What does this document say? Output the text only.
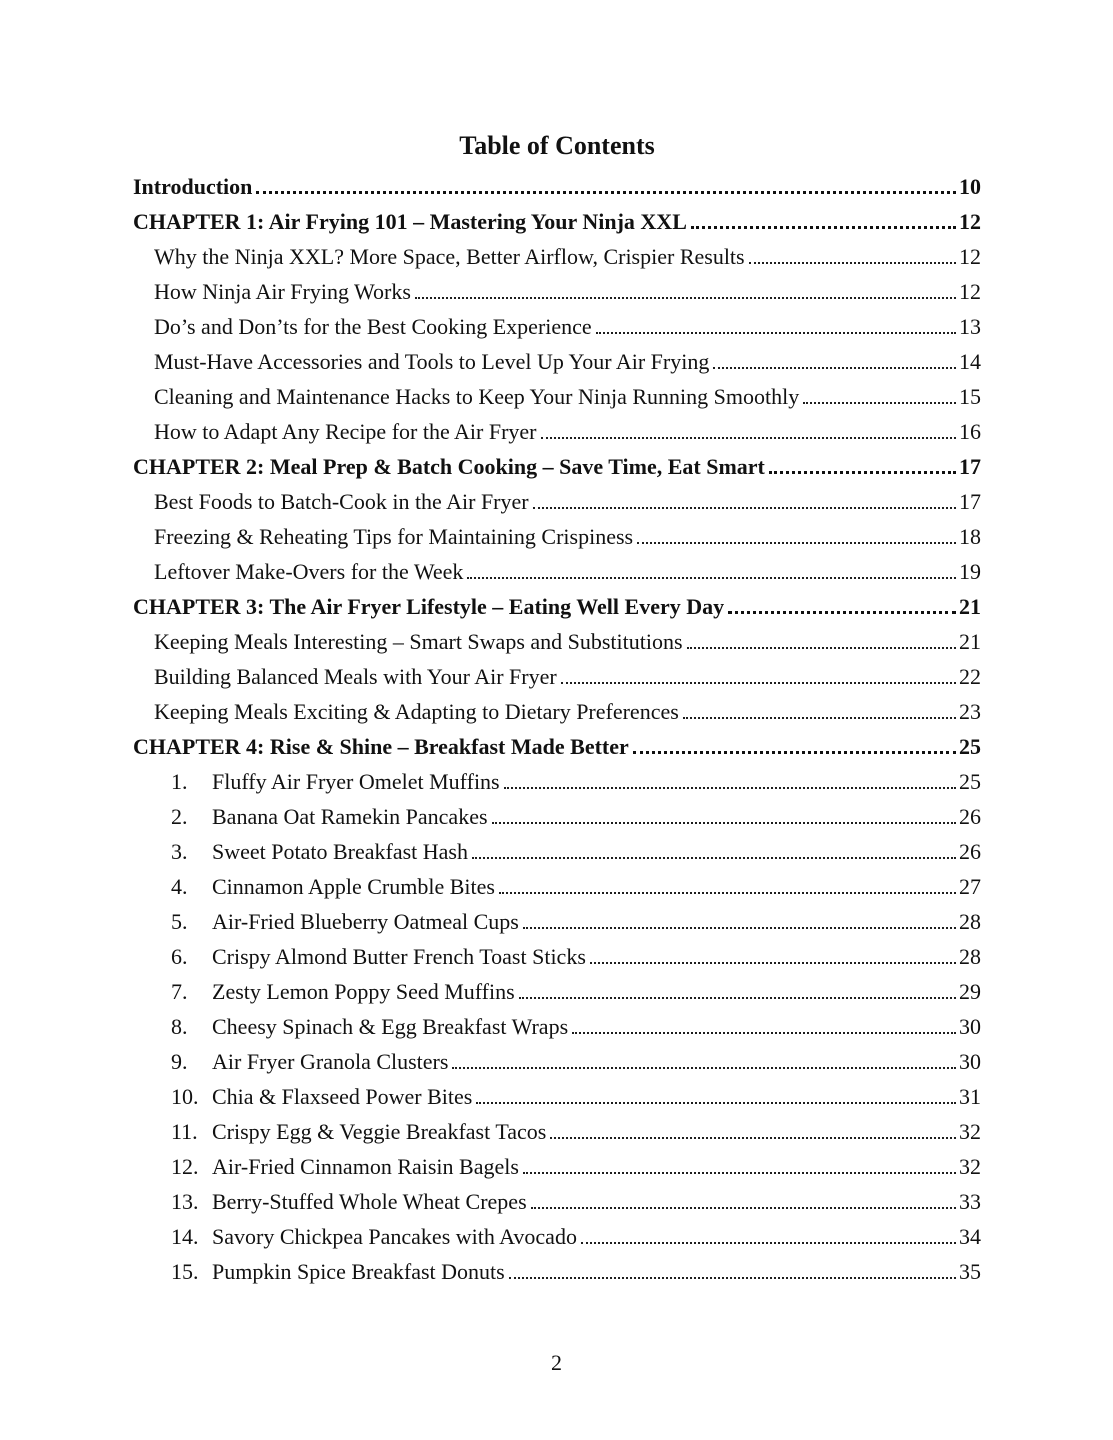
Table of Contents
Introduction	10
CHAPTER 1: Air Frying 101 – Mastering Your Ninja XXL	12
Why the Ninja XXL? More Space, Better Airflow, Crispier Results	12
How Ninja Air Frying Works	12
Do’s and Don’ts for the Best Cooking Experience	13
Must-Have Accessories and Tools to Level Up Your Air Frying	14
Cleaning and Maintenance Hacks to Keep Your Ninja Running Smoothly	15
How to Adapt Any Recipe for the Air Fryer	16
CHAPTER 2: Meal Prep & Batch Cooking – Save Time, Eat Smart	17
Best Foods to Batch-Cook in the Air Fryer	17
Freezing & Reheating Tips for Maintaining Crispiness	18
Leftover Make-Overs for the Week	19
CHAPTER 3: The Air Fryer Lifestyle – Eating Well Every Day	21
Keeping Meals Interesting – Smart Swaps and Substitutions	21
Building Balanced Meals with Your Air Fryer	22
Keeping Meals Exciting & Adapting to Dietary Preferences	23
CHAPTER 4: Rise & Shine – Breakfast Made Better	25
1.	Fluffy Air Fryer Omelet Muffins	25
2.	Banana Oat Ramekin Pancakes	26
3.	Sweet Potato Breakfast Hash	26
4.	Cinnamon Apple Crumble Bites	27
5.	Air-Fried Blueberry Oatmeal Cups	28
6.	Crispy Almond Butter French Toast Sticks	28
7.	Zesty Lemon Poppy Seed Muffins	29
8.	Cheesy Spinach & Egg Breakfast Wraps	30
9.	Air Fryer Granola Clusters	30
10. Chia & Flaxseed Power Bites	31
11. Crispy Egg & Veggie Breakfast Tacos	32
12. Air-Fried Cinnamon Raisin Bagels	32
13. Berry-Stuffed Whole Wheat Crepes	33
14. Savory Chickpea Pancakes with Avocado	34
15. Pumpkin Spice Breakfast Donuts	35
2
